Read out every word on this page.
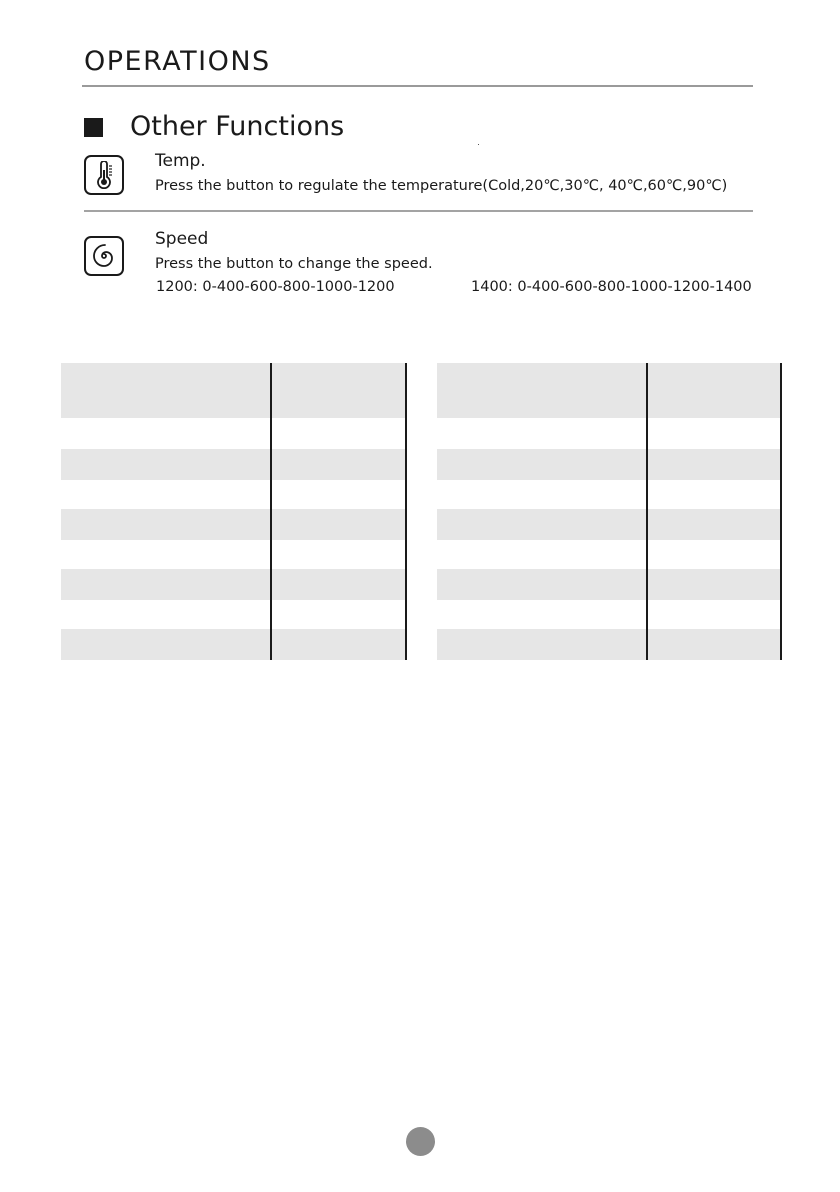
OPERATIONS
Other Functions
Temp.
Press the button to regulate the temperature(Cold,20℃,30℃, 40℃,60℃,90℃)
Speed
Press the button to change the speed.
1200: 0-400-600-800-1000-1200	1400: 0-400-600-800-1000-1200-1400
